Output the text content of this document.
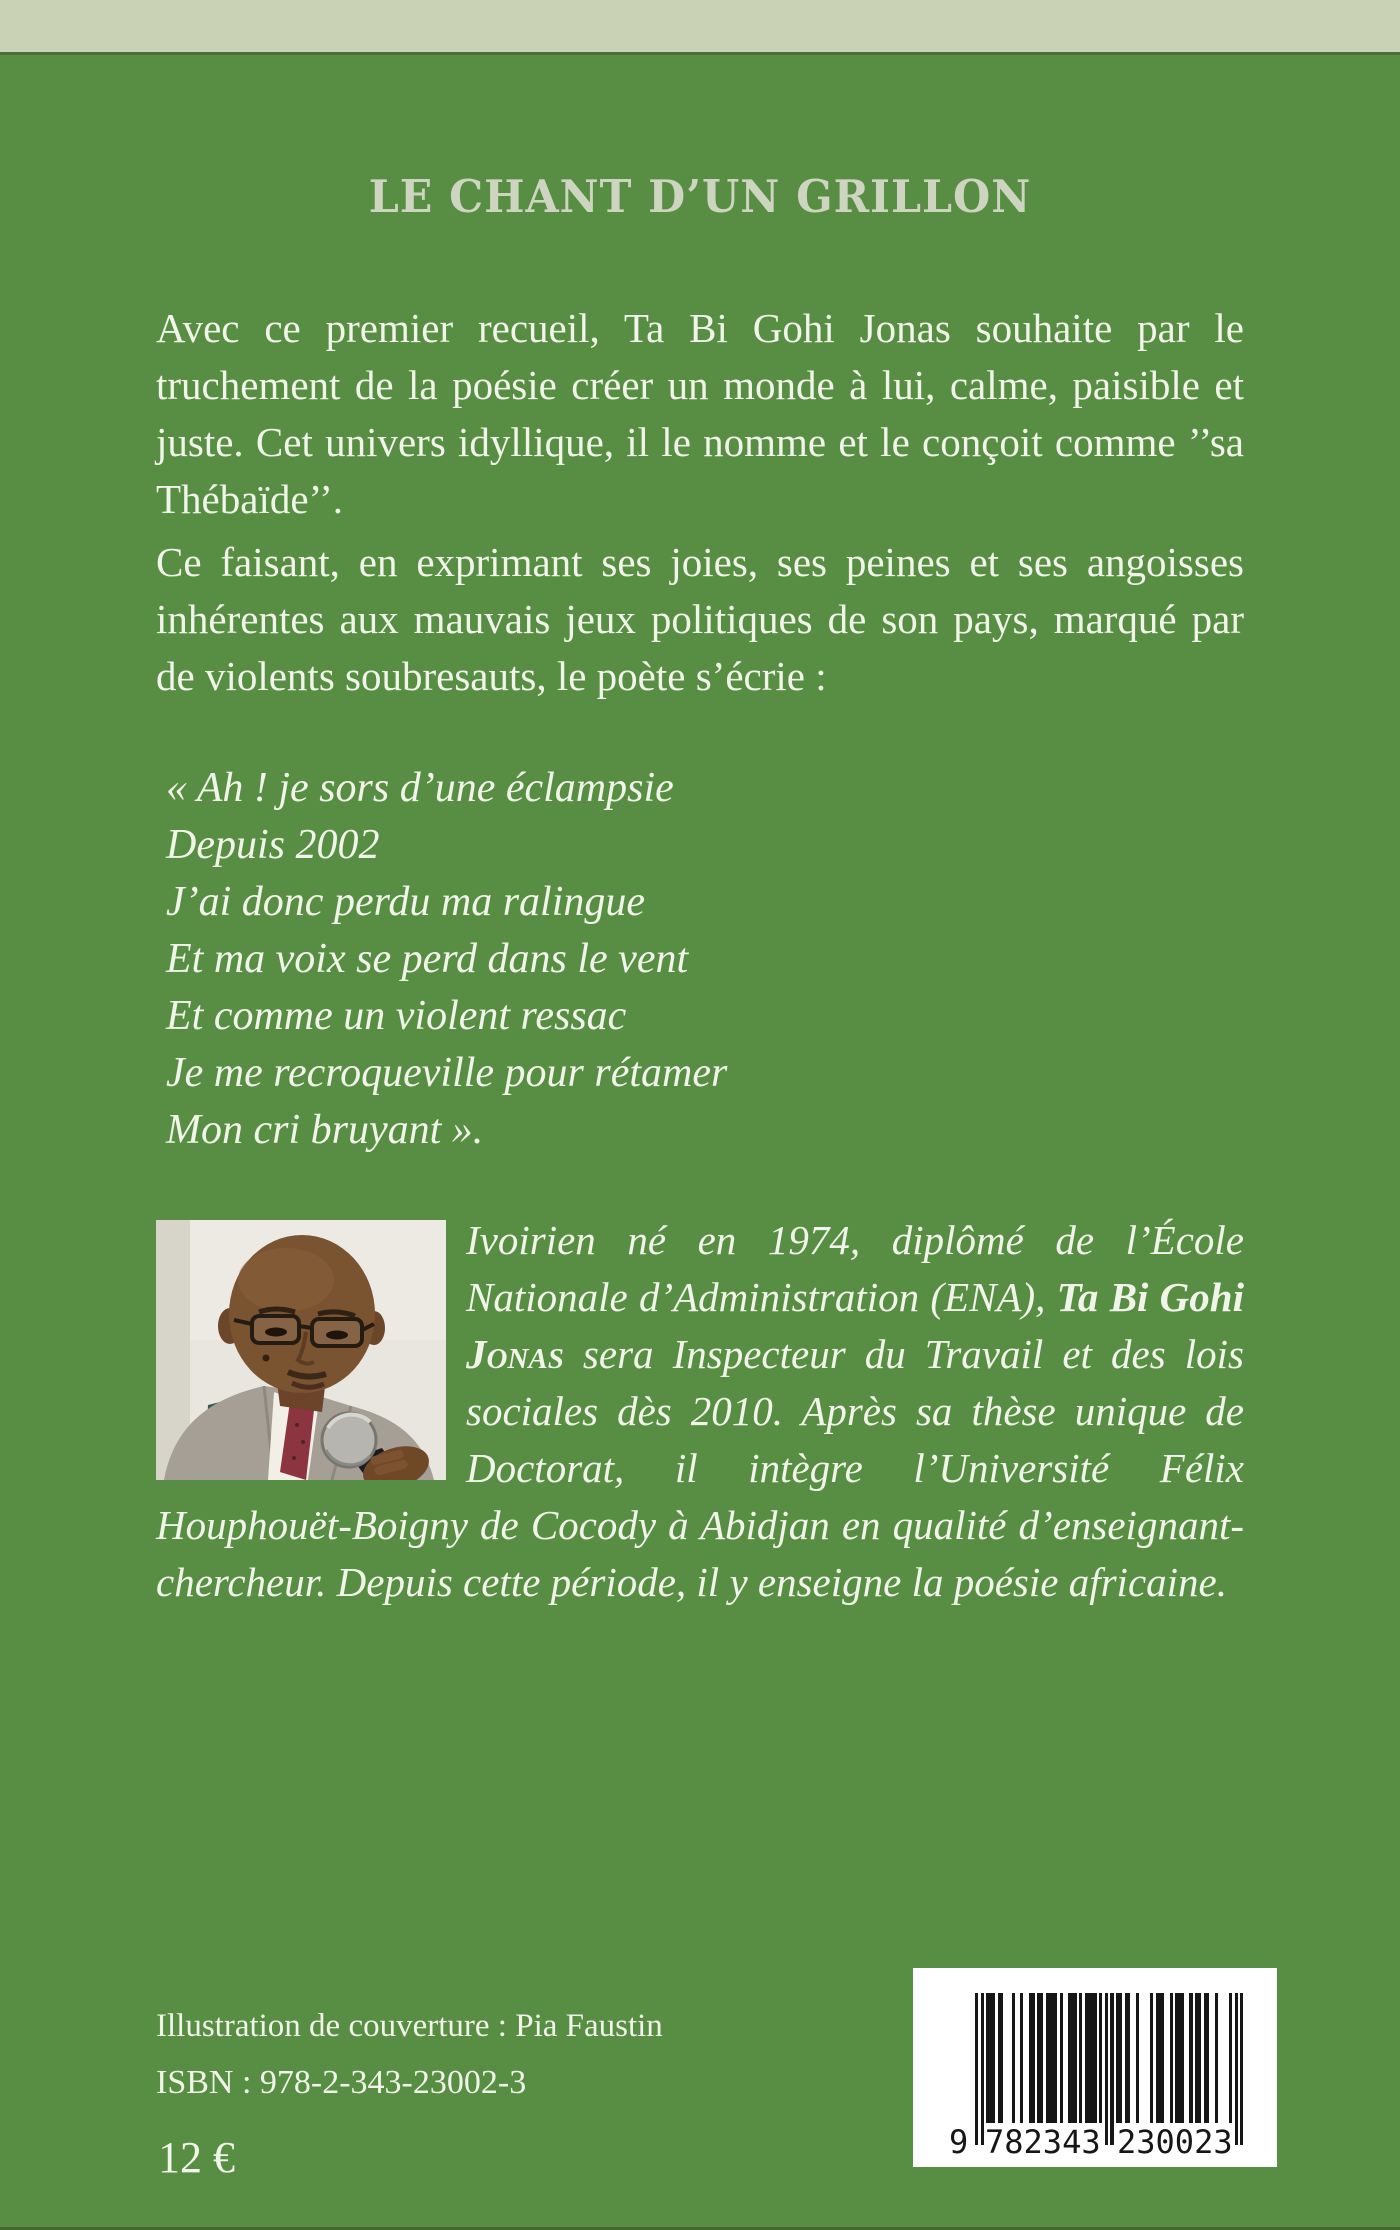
LE CHANT D’UN GRILLON

Avec ce premier recueil, Ta Bi Gohi Jonas souhaite par le truchement de la poésie créer un monde à lui, calme, paisible et juste. Cet univers idyllique, il le nomme et le conçoit comme ’’sa Thébaïde’’.

Ce faisant, en exprimant ses joies, ses peines et ses angoisses inhérentes aux mauvais jeux politiques de son pays, marqué par de violents soubresauts, le poète s’écrie :

« Ah ! je sors d’une éclampsie
Depuis 2002
J’ai donc perdu ma ralingue
Et ma voix se perd dans le vent
Et comme un violent ressac
Je me recroqueville pour rétamer
Mon cri bruyant ».
Ivoirien né en 1974, diplômé de l’École Nationale d’Administration (ENA), Ta Bi Gohi Jonas sera Inspecteur du Travail et des lois sociales dès 2010. Après sa thèse unique de Doctorat, il intègre l’Université Félix Houphouët-Boigny de Cocody à Abidjan en qualité d’enseignant-chercheur. Depuis cette période, il y enseigne la poésie africaine.
Illustration de couverture : Pia Faustin
ISBN : 978-2-343-23002-3
12 €	9 782343 230023
